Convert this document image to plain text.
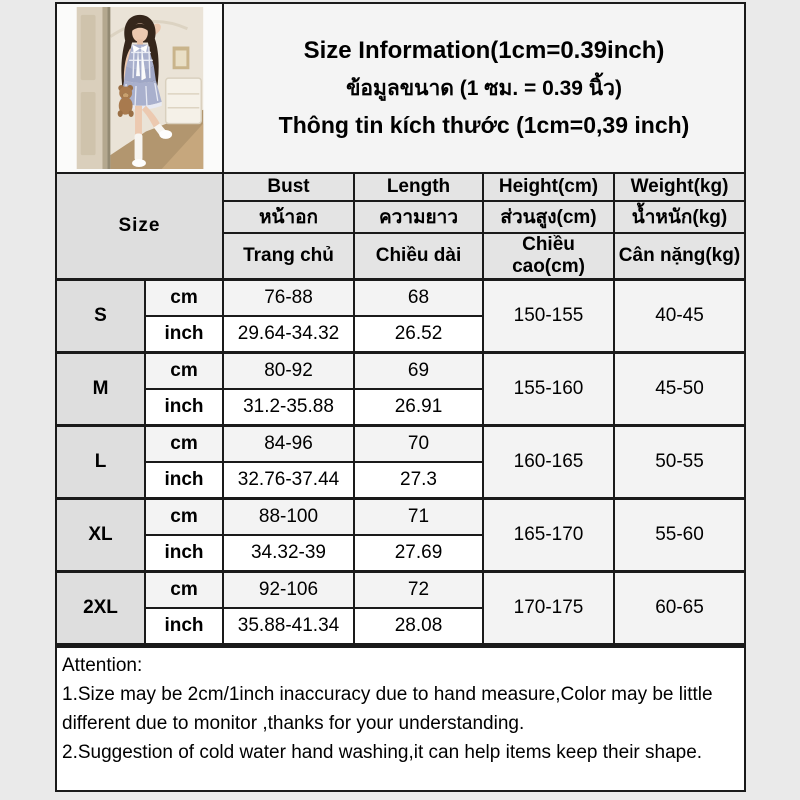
Size Information(1cm=0.39inch)
ข้อมูลขนาด (1 ซม. = 0.39 นิ้ว)
Thông tin kích thước (1cm=0,39 inch)
Size		Bust	Length	Height(cm)	Weight(kg)
		หน้าอก	ความยาว	ส่วนสูง(cm)	น้ำหนัก(kg)
		Trang chủ	Chiều dài	Chiều cao(cm)	Cân nặng(kg)
S	cm	76-88	68	150-155	40-45
	inch	29.64-34.32	26.52		
M	cm	80-92	69	155-160	45-50
	inch	31.2-35.88	26.91		
L	cm	84-96	70	160-165	50-55
	inch	32.76-37.44	27.3		
XL	cm	88-100	71	165-170	55-60
	inch	34.32-39	27.69		
2XL	cm	92-106	72	170-175	60-65
	inch	35.88-41.34	28.08		
Attention:
1.Size may be 2cm/1inch inaccuracy due to hand measure,Color may be little different due to monitor ,thanks for your understanding.
2.Suggestion of cold water hand washing,it can help items keep their shape.
